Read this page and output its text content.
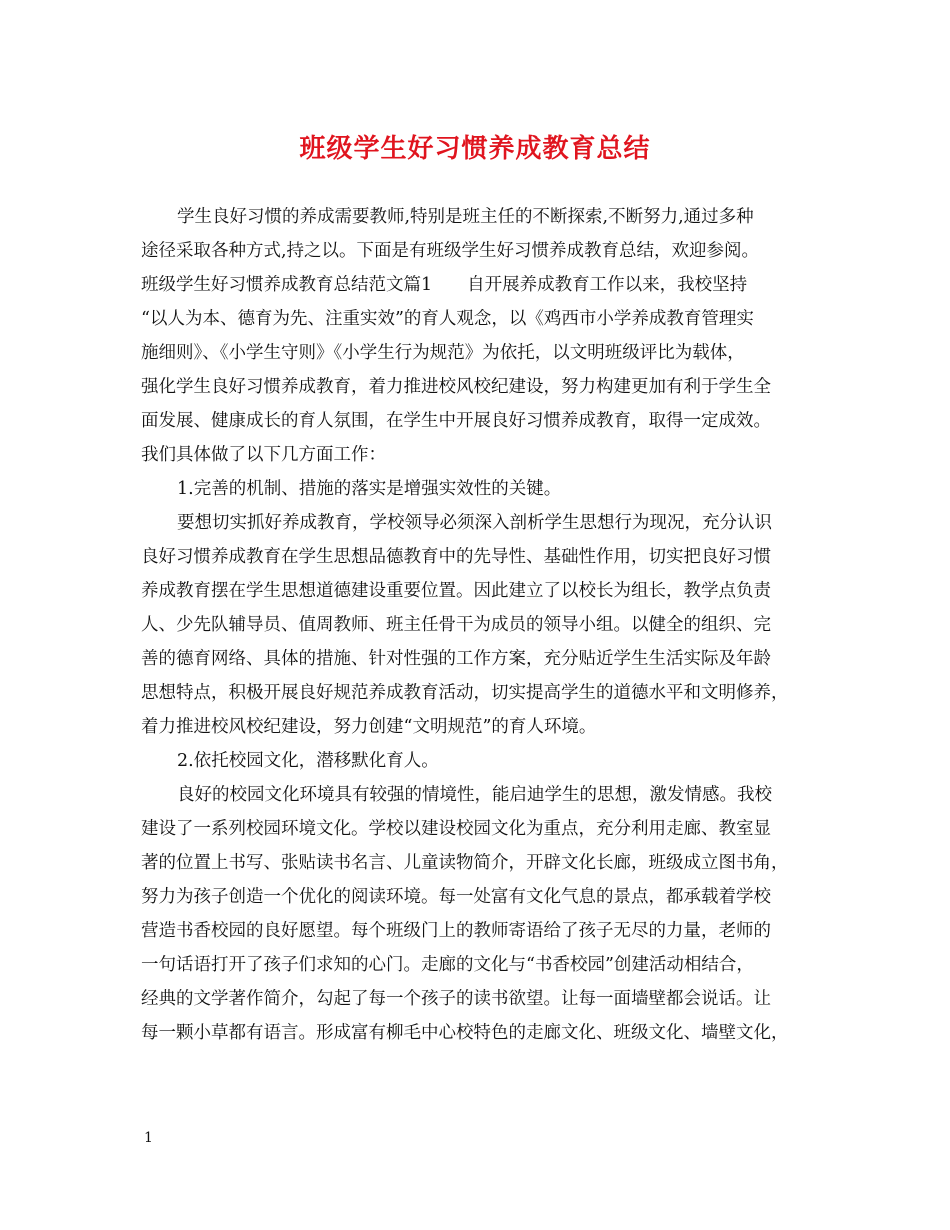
班级学生好习惯养成教育总结
学生良好习惯的养成需要教师,特别是班主任的不断探索,不断努力,通过多种
途径采取各种方式,持之以。下面是有班级学生好习惯养成教育总结，欢迎参阅。
班级学生好习惯养成教育总结范文篇1　　自开展养成教育工作以来，我校坚持
“以人为本、德育为先、注重实效”的育人观念，以《鸡西市小学养成教育管理实
施细则》、《小学生守则》《小学生行为规范》为依托，以文明班级评比为载体，
强化学生良好习惯养成教育，着力推进校风校纪建设，努力构建更加有利于学生全
面发展、健康成长的育人氛围，在学生中开展良好习惯养成教育，取得一定成效。
我们具体做了以下几方面工作：
1.完善的机制、措施的落实是增强实效性的关键。
要想切实抓好养成教育，学校领导必须深入剖析学生思想行为现况，充分认识
良好习惯养成教育在学生思想品德教育中的先导性、基础性作用，切实把良好习惯
养成教育摆在学生思想道德建设重要位置。因此建立了以校长为组长，教学点负责
人、少先队辅导员、值周教师、班主任骨干为成员的领导小组。以健全的组织、完
善的德育网络、具体的措施、针对性强的工作方案，充分贴近学生生活实际及年龄
思想特点，积极开展良好规范养成教育活动，切实提高学生的道德水平和文明修养，
着力推进校风校纪建设，努力创建“文明规范”的育人环境。
2.依托校园文化，潜移默化育人。
良好的校园文化环境具有较强的情境性，能启迪学生的思想，激发情感。我校
建设了一系列校园环境文化。学校以建设校园文化为重点，充分利用走廊、教室显
著的位置上书写、张贴读书名言、儿童读物简介，开辟文化长廊，班级成立图书角，
努力为孩子创造一个优化的阅读环境。每一处富有文化气息的景点，都承载着学校
营造书香校园的良好愿望。每个班级门上的教师寄语给了孩子无尽的力量，老师的
一句话语打开了孩子们求知的心门。走廊的文化与“书香校园”创建活动相结合，
经典的文学著作简介，勾起了每一个孩子的读书欲望。让每一面墙壁都会说话。让
每一颗小草都有语言。形成富有柳毛中心校特色的走廊文化、班级文化、墙壁文化，
1
